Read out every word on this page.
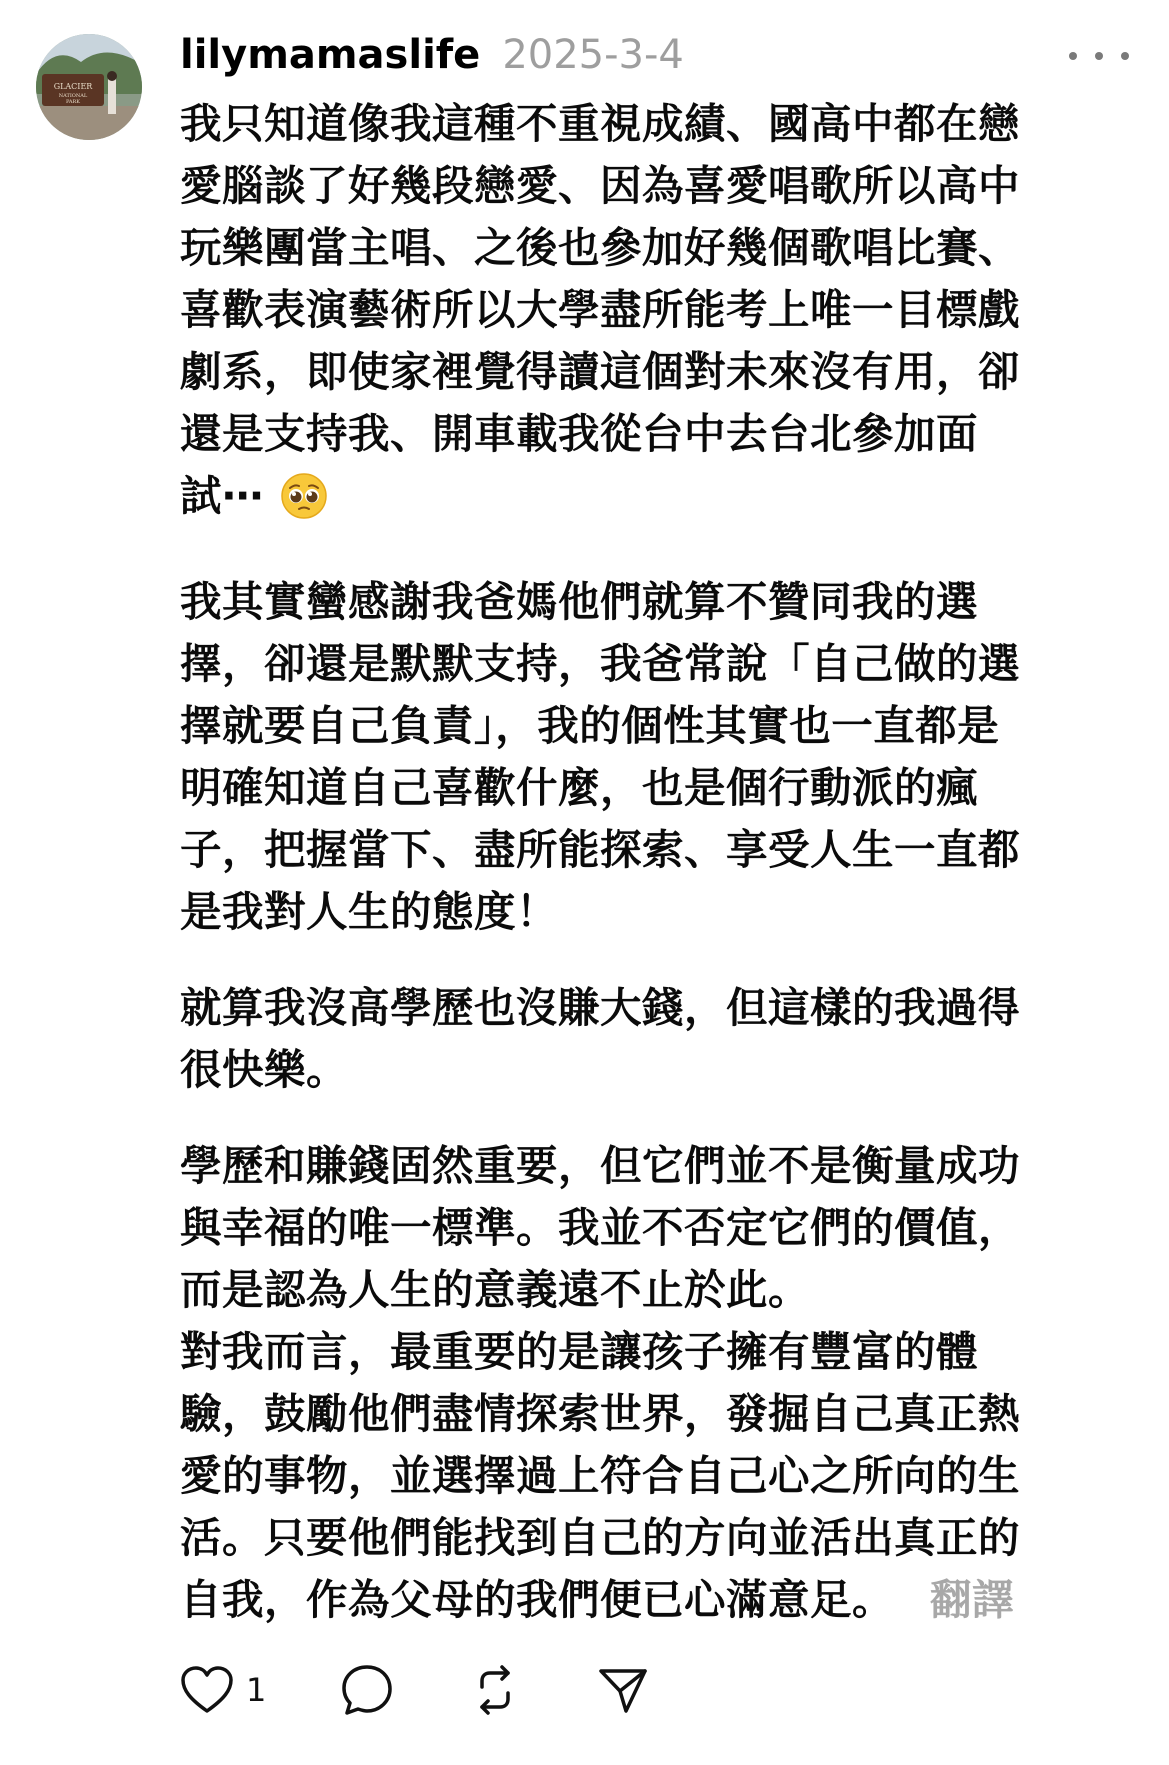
GLACIER
NATIONAL
PARK
lilymamaslife 2025-3-4

我只知道像我這種不重視成績、國高中都在戀
愛腦談了好幾段戀愛、因為喜愛唱歌所以高中
玩樂團當主唱、之後也參加好幾個歌唱比賽、
喜歡表演藝術所以大學盡所能考上唯一目標戲
劇系，即使家裡覺得讀這個對未來沒有用，卻
還是支持我、開車載我從台中去台北參加面
試⋯

我其實蠻感謝我爸媽他們就算不贊同我的選
擇，卻還是默默支持，我爸常說「自己做的選
擇就要自己負責」，我的個性其實也一直都是
明確知道自己喜歡什麼，也是個行動派的瘋
子，把握當下、盡所能探索、享受人生一直都
是我對人生的態度！

就算我沒高學歷也沒賺大錢，但這樣的我過得
很快樂。

學歷和賺錢固然重要，但它們並不是衡量成功
與幸福的唯一標準。我並不否定它們的價值，
而是認為人生的意義遠不止於此。
對我而言，最重要的是讓孩子擁有豐富的體
驗，鼓勵他們盡情探索世界，發掘自己真正熱
愛的事物，並選擇過上符合自己心之所向的生
活。只要他們能找到自己的方向並活出真正的
自我，作為父母的我們便已心滿意足。 翻譯

1
